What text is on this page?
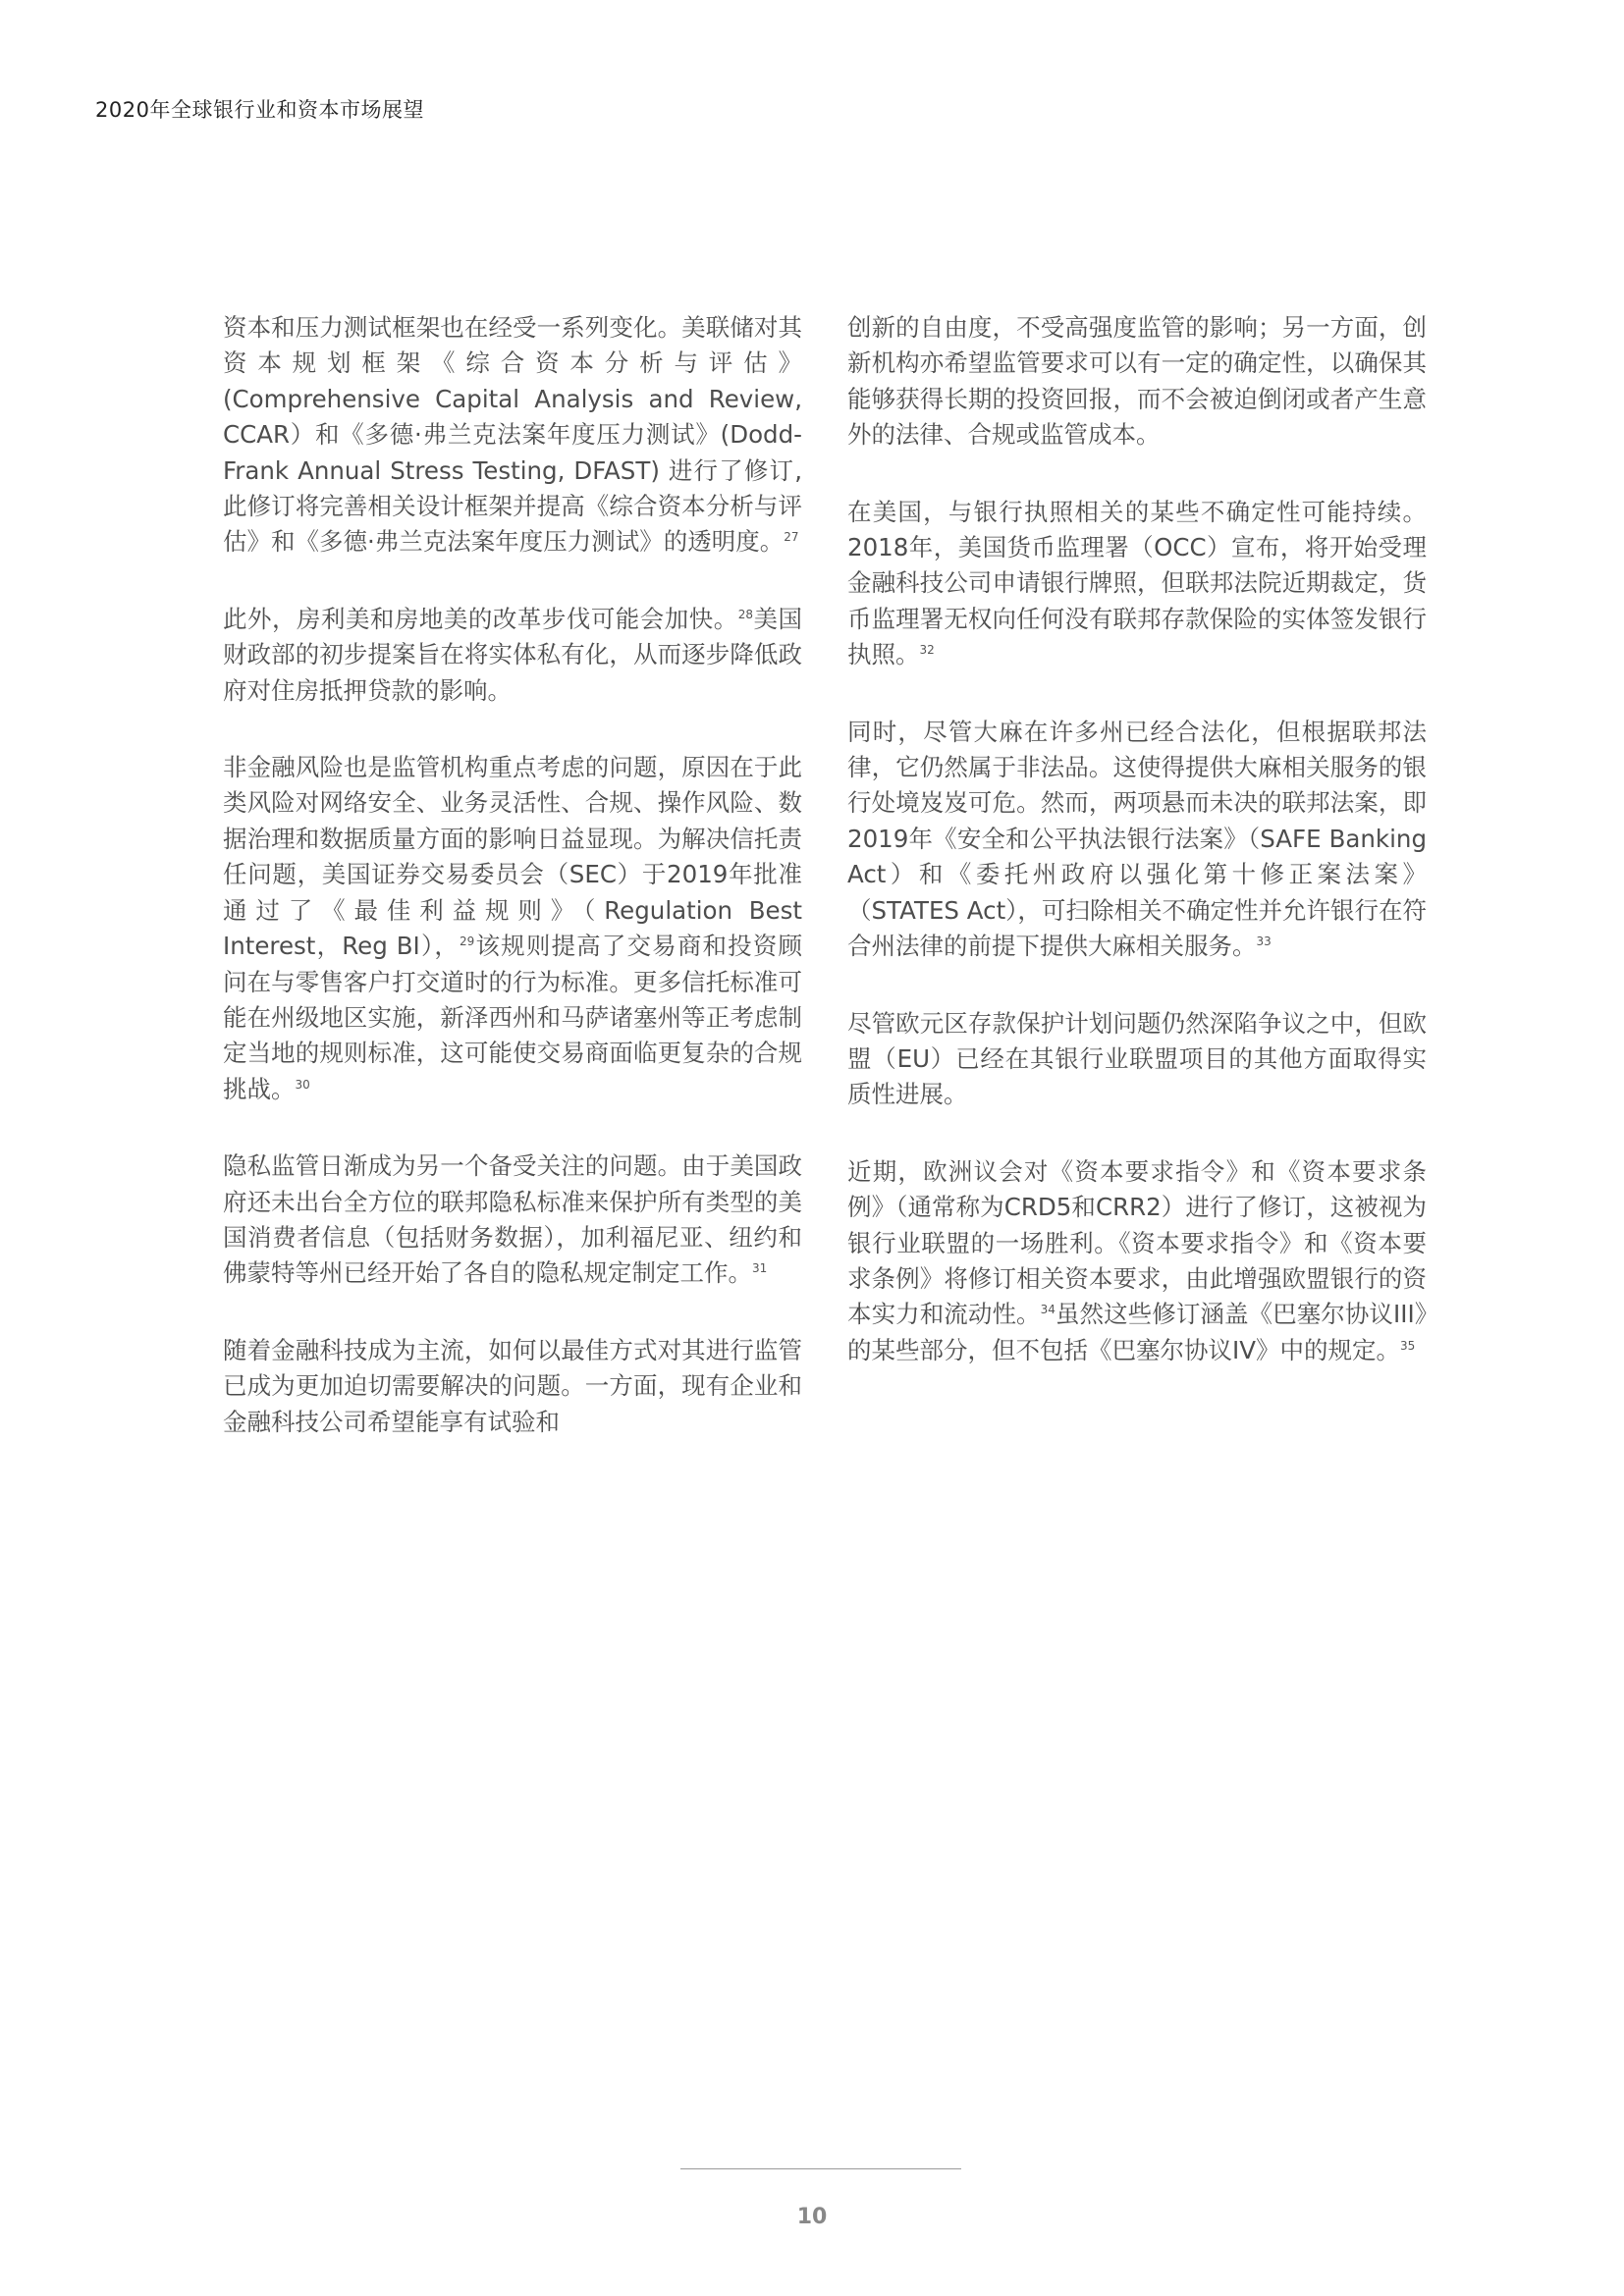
2020年全球银行业和资本市场展望

资本和压力测试框架也在经受一系列变化。美联储对其资本规划框架《综合资本分析与评估》(Comprehensive Capital Analysis and Review, CCAR）和《多德·弗兰克法案年度压力测试》(Dodd-Frank Annual Stress Testing, DFAST) 进行了修订, 此修订将完善相关设计框架并提高《综合资本分析与评估》和《多德·弗兰克法案年度压力测试》的透明度。$^{27}$

此外，房利美和房地美的改革步伐可能会加快。$^{28}$美国财政部的初步提案旨在将实体私有化，从而逐步降低政府对住房抵押贷款的影响。

非金融风险也是监管机构重点考虑的问题，原因在于此类风险对网络安全、业务灵活性、合规、操作风险、数据治理和数据质量方面的影响日益显现。为解决信托责任问题，美国证券交易委员会（SEC）于2019年批准通过了《最佳利益规则》（Regulation Best Interest，Reg BI），$^{29}$该规则提高了交易商和投资顾问在与零售客户打交道时的行为标准。更多信托标准可能在州级地区实施，新泽西州和马萨诸塞州等正考虑制定当地的规则标准，这可能使交易商面临更复杂的合规挑战。$^{30}$

隐私监管日渐成为另一个备受关注的问题。由于美国政府还未出台全方位的联邦隐私标准来保护所有类型的美国消费者信息（包括财务数据），加利福尼亚、纽约和佛蒙特等州已经开始了各自的隐私规定制定工作。$^{31}$

随着金融科技成为主流，如何以最佳方式对其进行监管已成为更加迫切需要解决的问题。一方面，现有企业和金融科技公司希望能享有试验和

创新的自由度，不受高强度监管的影响；另一方面，创新机构亦希望监管要求可以有一定的确定性，以确保其能够获得长期的投资回报，而不会被迫倒闭或者产生意外的法律、合规或监管成本。

在美国，与银行执照相关的某些不确定性可能持续。2018年，美国货币监理署（OCC）宣布，将开始受理金融科技公司申请银行牌照，但联邦法院近期裁定，货币监理署无权向任何没有联邦存款保险的实体签发银行执照。$^{32}$

同时，尽管大麻在许多州已经合法化，但根据联邦法律，它仍然属于非法品。这使得提供大麻相关服务的银行处境岌岌可危。然而，两项悬而未决的联邦法案，即2019年《安全和公平执法银行法案》（SAFE Banking Act）和《委托州政府以强化第十修正案法案》（STATES Act），可扫除相关不确定性并允许银行在符合州法律的前提下提供大麻相关服务。$^{33}$

尽管欧元区存款保护计划问题仍然深陷争议之中，但欧盟（EU）已经在其银行业联盟项目的其他方面取得实质性进展。

近期，欧洲议会对《资本要求指令》和《资本要求条例》（通常称为CRD5和CRR2）进行了修订，这被视为银行业联盟的一场胜利。《资本要求指令》和《资本要求条例》将修订相关资本要求，由此增强欧盟银行的资本实力和流动性。$^{34}$虽然这些修订涵盖《巴塞尔协议III》的某些部分，但不包括《巴塞尔协议IV》中的规定。$^{35}$

10
